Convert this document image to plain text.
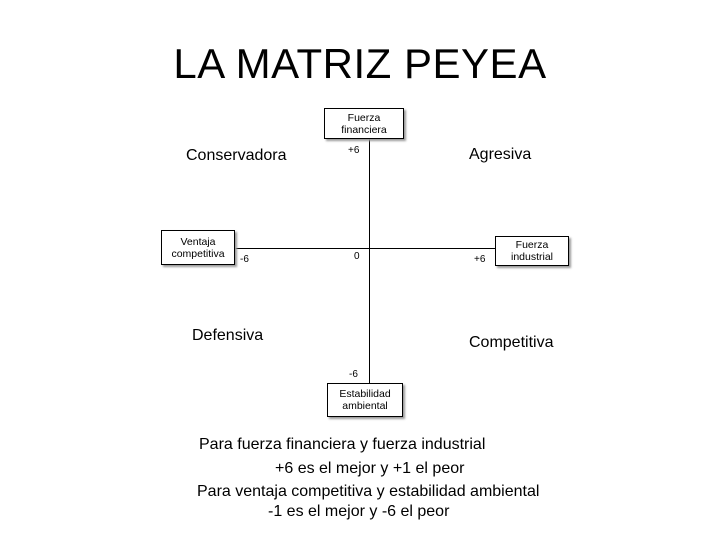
LA MATRIZ PEYEA
Fuerza
financiera
Ventaja
competitiva
Fuerza
industrial
Estabilidad
ambiental
+6
0
-6	+6
-6
Conservadora	Agresiva
Defensiva	Competitiva
Para fuerza financiera y fuerza industrial
+6 es el mejor y +1 el peor
Para ventaja competitiva y estabilidad ambiental
-1 es el mejor y -6 el peor
